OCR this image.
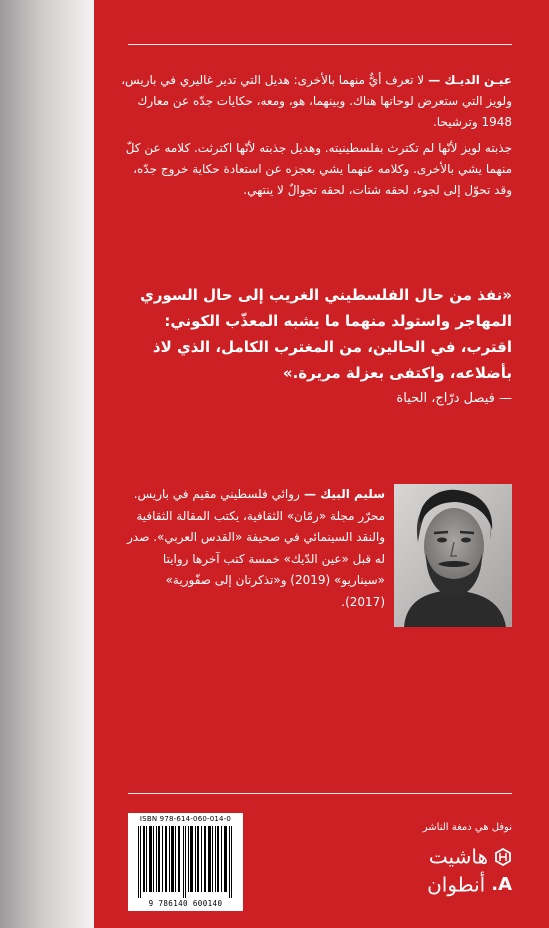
عيـن الديـك — لا تعرف أيٌّ منهما بالأخرى: هديل التي تدير غاليري في باريس، ولويز التي ستعرض لوحاتها هناك. وبينهما، هو، ومعه، حكايات جدّه عن معارك 1948 وترشيحا.

جذبته لويز لأنّها لم تكترث بفلسطينيته. وهديل جذبته لأنّها اكترثت. كلامه عن كلّ منهما يشي بالأخرى. وكلامه عنهما يشي بعجزه عن استعادة حكاية خروج جدّه، وقد تحوّل إلى لجوء، لحقه شتات، لحقه تجوالٌ لا ينتهي.

«نفذ من حال الفلسطيني الغريب إلى حال السوري المهاجر واستولد منهما ما يشبه المعذّب الكوني: اقترب، في الحالين، من المغترب الكامل، الذي لاذ بأضلاعه، واكتفى بعزلة مريرة.»

— فيصل درّاج، الحياة

سليم البيك — روائي فلسطيني مقيم في باريس. محرّر مجلة «رمّان» الثقافية، يكتب المقالة الثقافية والنقد السينمائي في صحيفة «القدس العربي». صدر له قبل «عين الدّيك» خمسة كتب آخرها روايتا «سيناريو» (2019) و«تذكرتان إلى صفّورية» (2017).

ISBN 978-614-060-014-0
9 786140 600140
نوفل هي دمغة الناشر
هاشيت
A.أنطوان
